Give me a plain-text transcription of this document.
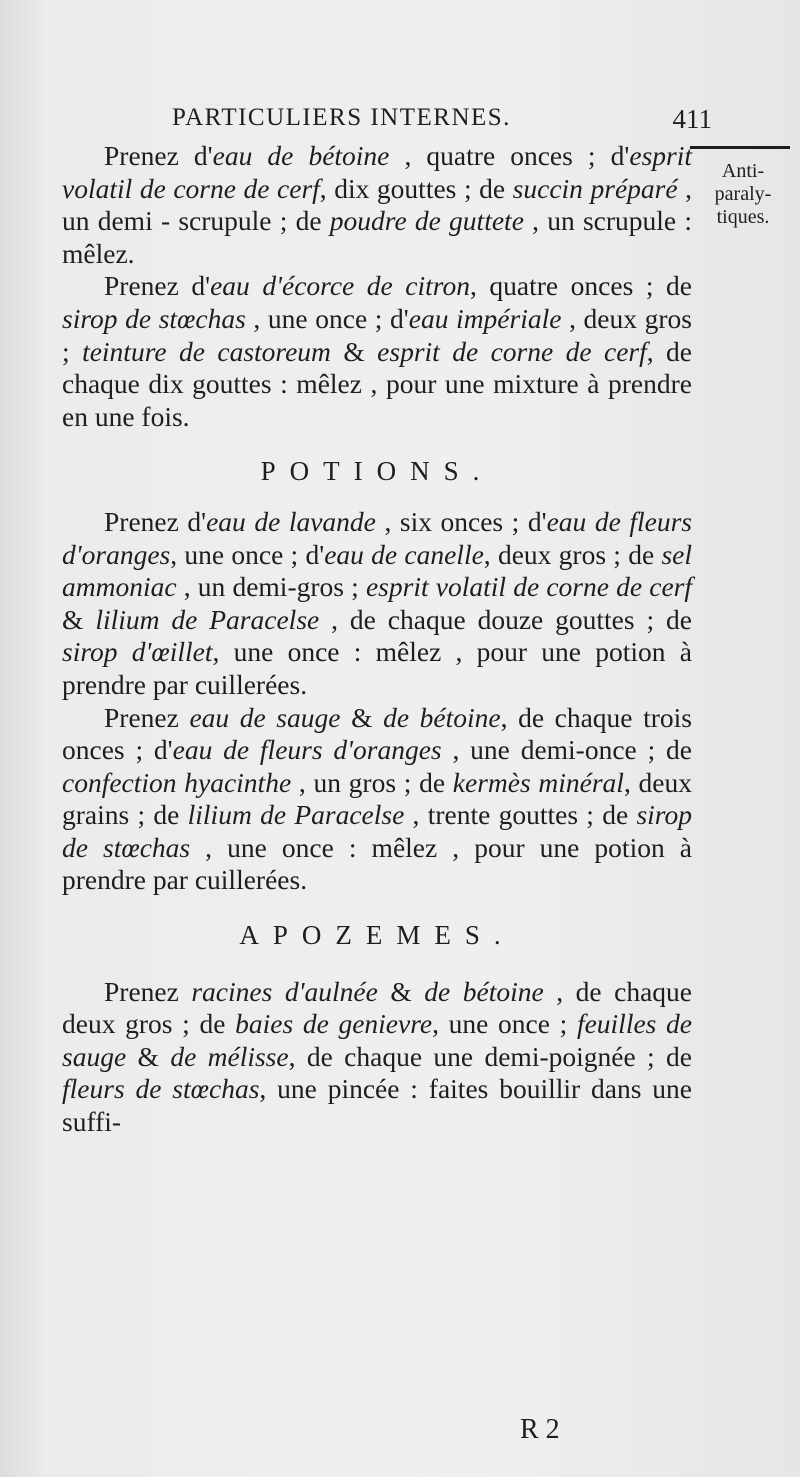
PARTICULIERS INTERNES.	411
Anti-
paraly-
tiques.

Prenez d'eau de bétoine , quatre onces ; d'esprit volatil de corne de cerf, dix gouttes ; de succin préparé , un demi - scrupule ; de poudre de guttete , un scrupule : mêlez.

Prenez d'eau d'écorce de citron, quatre onces ; de sirop de stœchas , une once ; d'eau impériale , deux gros ; teinture de castoreum & esprit de corne de cerf, de chaque dix gouttes : mêlez , pour une mixture à prendre en une fois.

POTIONS.

Prenez d'eau de lavande , six onces ; d'eau de fleurs d'oranges, une once ; d'eau de canelle, deux gros ; de sel ammoniac , un demi-gros ; esprit volatil de corne de cerf & lilium de Paracelse , de chaque douze gouttes ; de sirop d'œillet, une once : mêlez , pour une potion à prendre par cuillerées.

Prenez eau de sauge & de bétoine, de chaque trois onces ; d'eau de fleurs d'oranges , une demi-once ; de confection hyacinthe , un gros ; de kermès minéral, deux grains ; de lilium de Paracelse , trente gouttes ; de sirop de stœchas , une once : mêlez , pour une potion à prendre par cuillerées.

APOZEMES.

Prenez racines d'aulnée & de bétoine , de chaque deux gros ; de baies de genievre, une once ; feuilles de sauge & de mélisse, de chaque une demi-poignée ; de fleurs de stœchas, une pincée : faites bouillir dans une suffi-

R 2
